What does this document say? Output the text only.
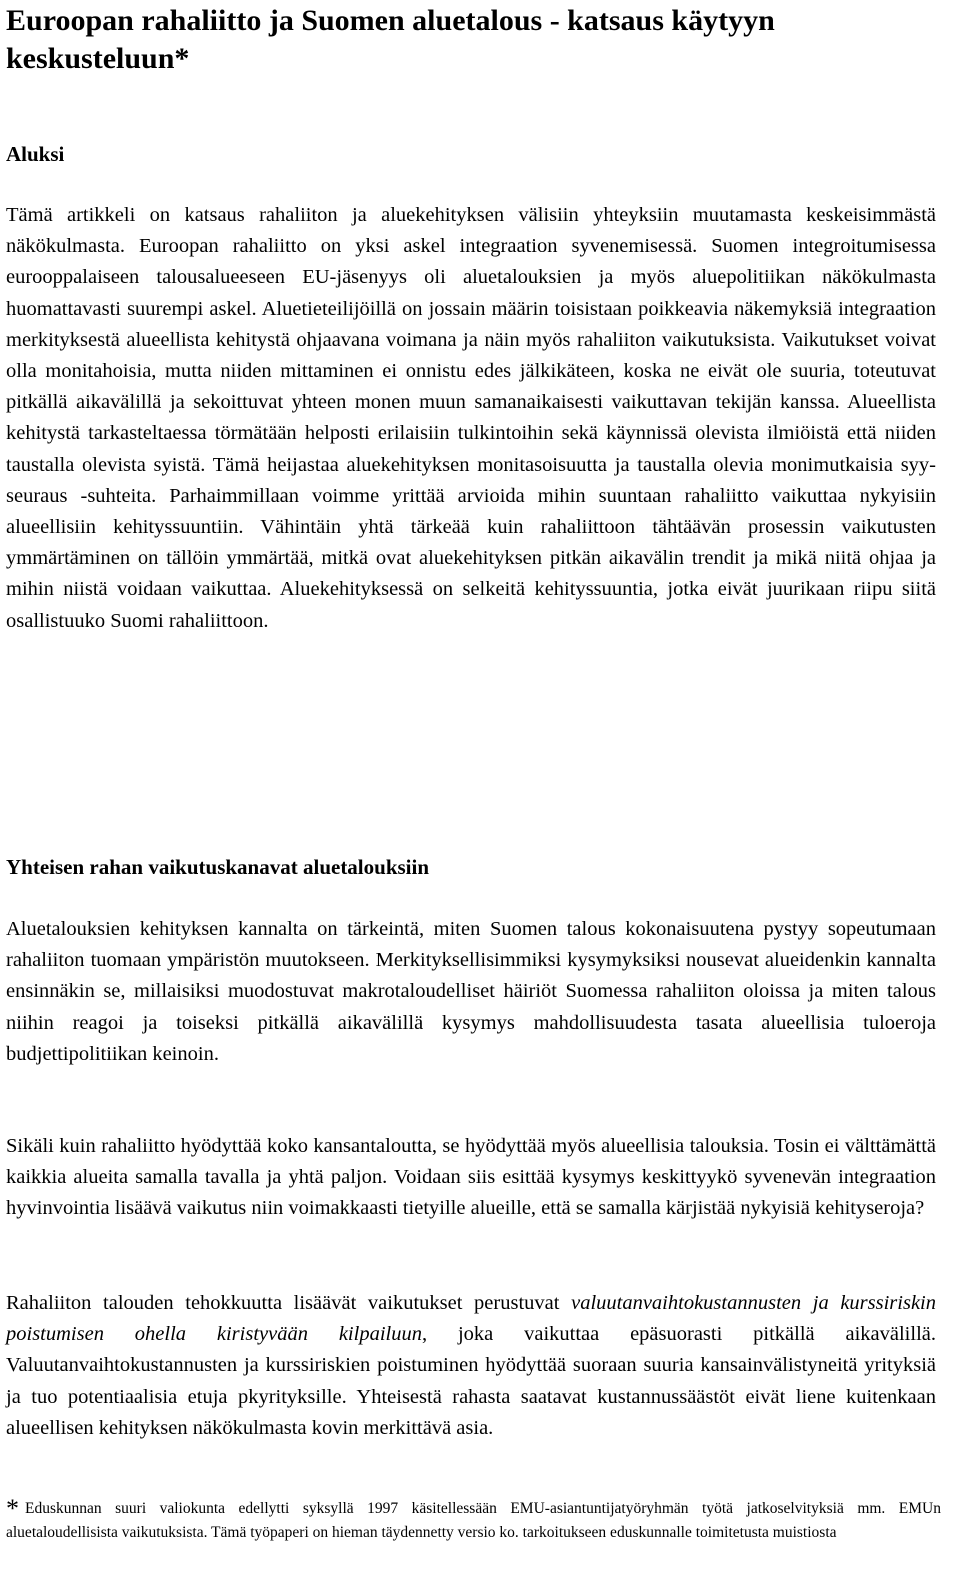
Euroopan rahaliitto ja Suomen aluetalous - katsaus käytyyn keskusteluun*
Aluksi

Tämä artikkeli on katsaus rahaliiton ja aluekehityksen välisiin yhteyksiin muutamasta keskeisimmästä näkökulmasta. Euroopan rahaliitto on yksi askel integraation syvenemisessä. Suomen integroitumisessa eurooppalaiseen talousalueeseen EU-jäsenyys oli aluetalouksien ja myös aluepolitiikan näkökulmasta huomattavasti suurempi askel. Aluetieteilijöillä on jossain määrin toisistaan poikkeavia näkemyksiä integraation merkityksestä alueellista kehitystä ohjaavana voimana ja näin myös rahaliiton vaikutuksista. Vaikutukset voivat olla monitahoisia, mutta niiden mittaminen ei onnistu edes jälkikäteen, koska ne eivät ole suuria, toteutuvat pitkällä aikavälillä ja sekoittuvat yhteen monen muun samanaikaisesti vaikuttavan tekijän kanssa. Alueellista kehitystä tarkasteltaessa törmätään helposti erilaisiin tulkintoihin sekä käynnissä olevista ilmiöistä että niiden taustalla olevista syistä. Tämä heijastaa aluekehityksen monitasoisuutta ja taustalla olevia monimutkaisia syy-seuraus -suhteita. Parhaimmillaan voimme yrittää arvioida mihin suuntaan rahaliitto vaikuttaa nykyisiin alueellisiin kehityssuuntiin. Vähintäin yhtä tärkeää kuin rahaliittoon tähtäävän prosessin vaikutusten ymmärtäminen on tällöin ymmärtää, mitkä ovat aluekehityksen pitkän aikavälin trendit ja mikä niitä ohjaa ja mihin niistä voidaan vaikuttaa. Aluekehityksessä on selkeitä kehityssuuntia, jotka eivät juurikaan riipu siitä osallistuuko Suomi rahaliittoon.

Yhteisen rahan vaikutuskanavat aluetalouksiin

Aluetalouksien kehityksen kannalta on tärkeintä, miten Suomen talous kokonaisuutena pystyy sopeutumaan rahaliiton tuomaan ympäristön muutokseen. Merkityksellisimmiksi kysymyksiksi nousevat alueidenkin kannalta ensinnäkin se, millaisiksi muodostuvat makrotaloudelliset häiriöt Suomessa rahaliiton oloissa ja miten talous niihin reagoi ja toiseksi pitkällä aikavälillä kysymys mahdollisuudesta tasata alueellisia tuloeroja budjettipolitiikan keinoin.

Sikäli kuin rahaliitto hyödyttää koko kansantaloutta, se hyödyttää myös alueellisia talouksia. Tosin ei välttämättä kaikkia alueita samalla tavalla ja yhtä paljon. Voidaan siis esittää kysymys keskittyykö syvenevän integraation hyvinvointia lisäävä vaikutus niin voimakkaasti tietyille alueille, että se samalla kärjistää nykyisiä kehityseroja?

Rahaliiton talouden tehokkuutta lisäävät vaikutukset perustuvat valuutanvaihtokustannusten ja kurssiriskin poistumisen ohella kiristyvään kilpailuun, joka vaikuttaa epäsuorasti pitkällä aikavälillä. Valuutanvaihtokustannusten ja kurssiriskien poistuminen hyödyttää suoraan suuria kansainvälistyneitä yrityksiä ja tuo potentiaalisia etuja pkyrityksille. Yhteisestä rahasta saatavat kustannussäästöt eivät liene kuitenkaan alueellisen kehityksen näkökulmasta kovin merkittävä asia.

* Eduskunnan suuri valiokunta edellytti syksyllä 1997 käsitellessään EMU-asiantuntijatyöryhmän työtä jatkoselvityksiä mm. EMUn aluetaloudellisista vaikutuksista. Tämä työpaperi on hieman täydennetty versio ko. tarkoitukseen eduskunnalle toimitetusta muistiosta
